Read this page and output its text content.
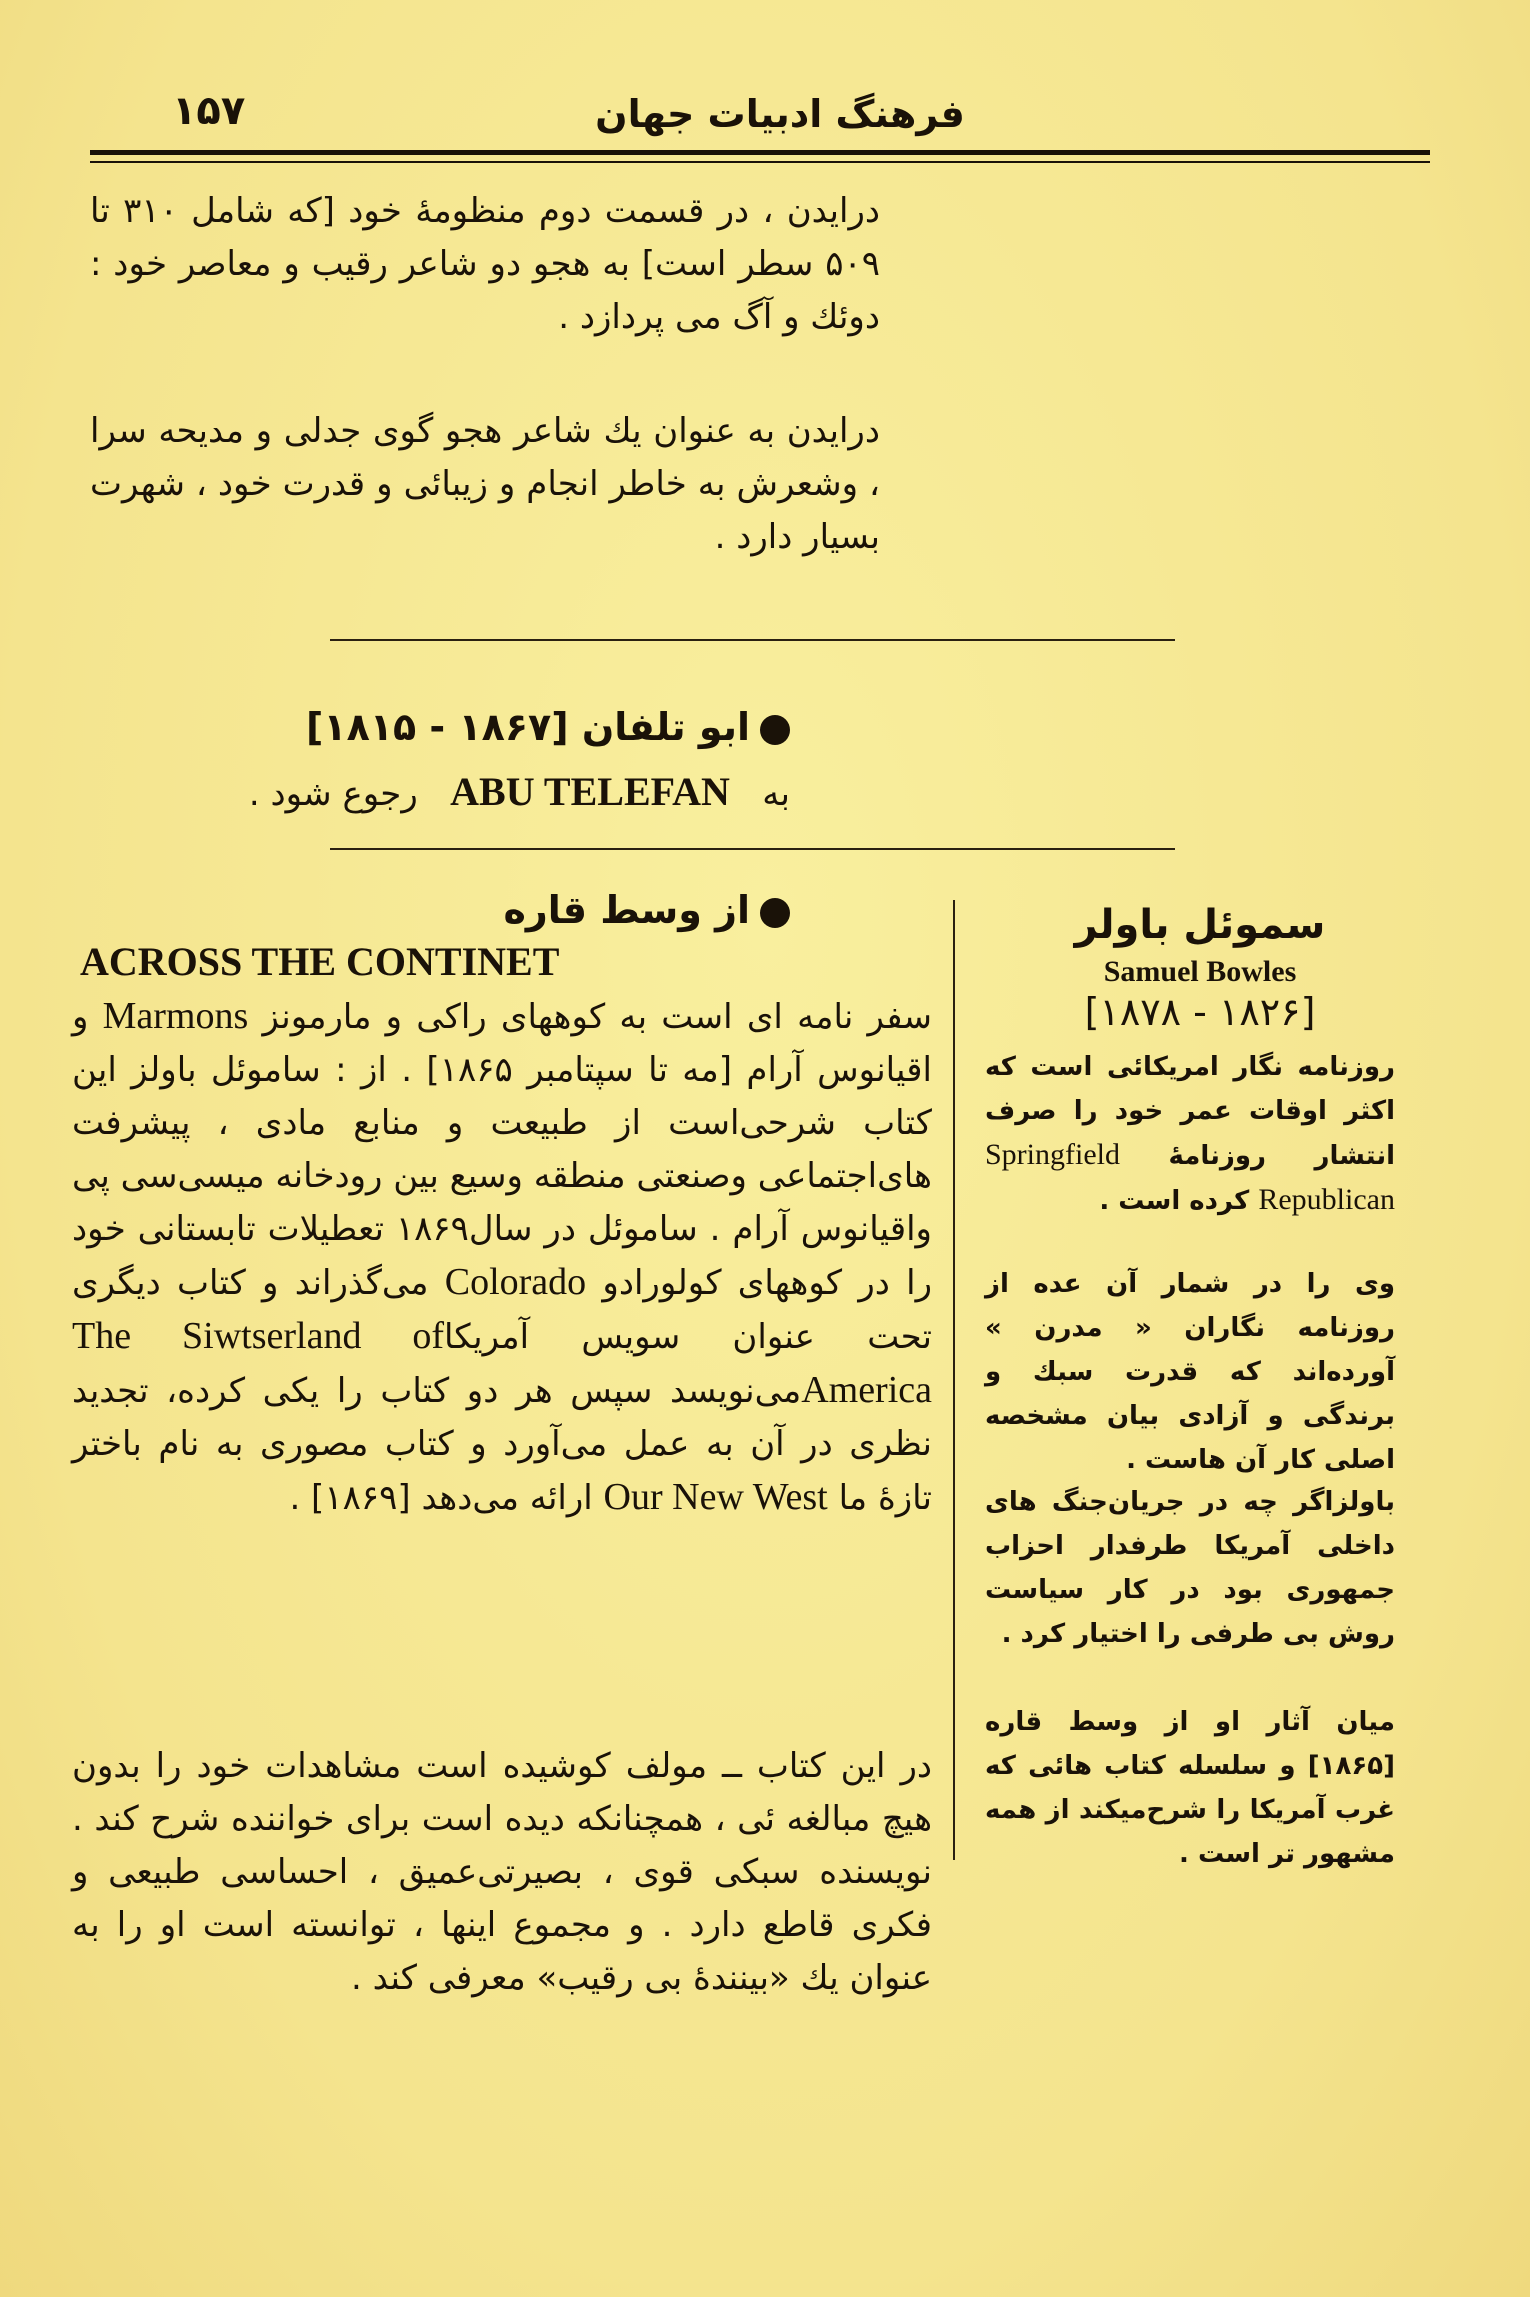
فرهنگ ادبیات جهان
۱۵۷
درایدن ، در قسمت دوم منظومهٔ خود [که شامل ۳۱۰ تا ۵۰۹ سطر است] به هجو دو شاعر رقیب و معاصر خود : دوئك و آگ می پردازد .
درایدن به عنوان یك شاعر هجو گوی جدلی و مدیحه سرا ، وشعرش به خاطر انجام و زیبائی و قدرت خود ، شهرت بسیار دارد .
ابو تلفان [۱۸۶۷ - ۱۸۱۵]
به   ABU TELEFAN   رجوع شود .
از وسط قاره
ACROSS THE CONTINET
سفر نامه ای است به کوههای راکی و مارمونز Marmons و اقیانوس آرام [مه تا سپتامبر ۱۸۶۵] . از : ساموئل باولز این کتاب شرحی‌است از طبیعت و منابع مادی ، پیشرفت های‌اجتماعی وصنعتی منطقه وسیع بین رودخانه میسی‌سی پی واقیانوس آرام . ساموئل در سال۱۸۶۹ تعطیلات تابستانی خود را در کوههای کولورادو Colorado می‌گذراند و کتاب دیگری تحت عنوان سویس آمریکاThe Siwtserland of Americaمی‌نویسد سپس هر دو کتاب را یکی کرده، تجدید نظری در آن به عمل می‌آورد و کتاب مصوری به نام باختر تازهٔ ما Our New West ارائه می‌دهد [۱۸۶۹] .
در این کتاب ــ مولف کوشیده است مشاهدات خود را بدون هیچ مبالغه ئی ، همچنانکه دیده است برای خواننده شرح کند . نویسنده سبکی قوی ، بصیرتی‌عمیق ، احساسی طبیعی و فکری قاطع دارد . و مجموع اینها ، توانسته است او را به عنوان یك «بینندهٔ بی رقیب» معرفی کند .
سموئل باولر
Samuel Bowles
[۱۸۷۸ - ۱۸۲۶]
روزنامه نگار امریکائی است که اکثر اوقات عمر خود را صرف انتشار روزنامهٔ Springfield Republican کرده است .
وی را در شمار آن عده از روزنامه نگاران « مدرن » آورده‌اند که قدرت سبك و برندگی و آزادی بیان مشخصه اصلی کار آن هاست .
باولزاگر چه در جریان‌جنگ های داخلی آمریکا طرفدار احزاب جمهوری بود در کار سیاست روش بی طرفی را اختیار کرد .
میان آثار او از وسط قاره [۱۸۶۵] و سلسله کتاب هائی که غرب آمریکا را شرح‌میکند از همه مشهور تر است .
